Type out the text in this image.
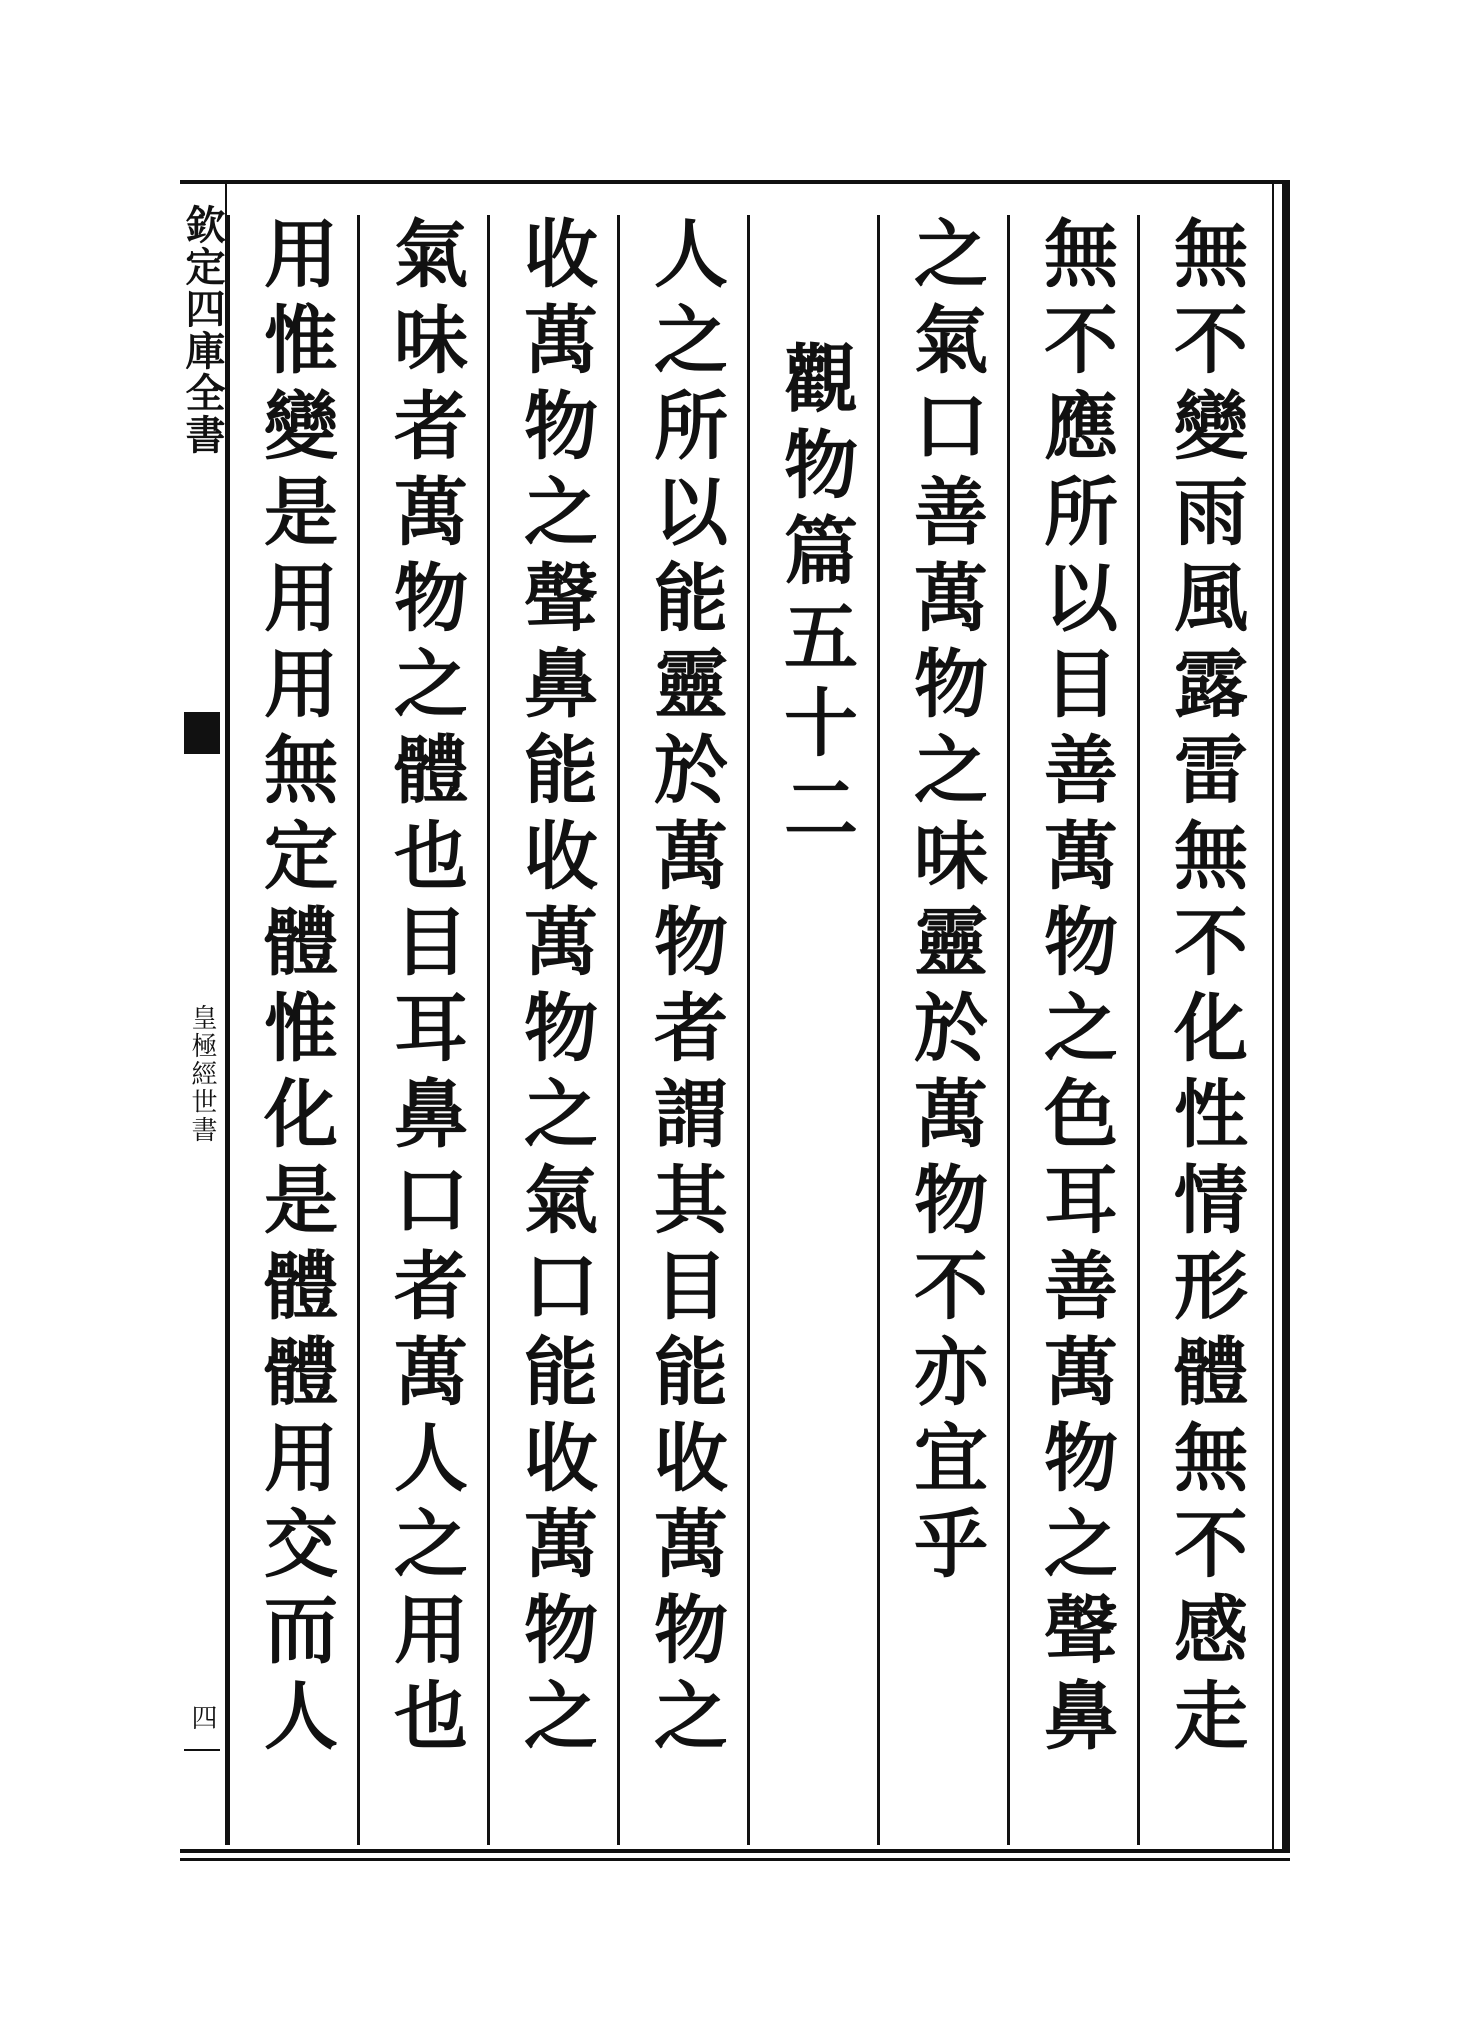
欽定四庫全書
皇極經世書
四
無不變雨風露雷無不化性情形體無不感走
無不應所以目善萬物之色耳善萬物之聲鼻
之氣口善萬物之味靈於萬物不亦宜乎
觀物篇五十二
人之所以能靈於萬物者謂其目能收萬物之
收萬物之聲鼻能收萬物之氣口能收萬物之
氣味者萬物之體也目耳鼻口者萬人之用也
用惟變是用用無定體惟化是體體用交而人
